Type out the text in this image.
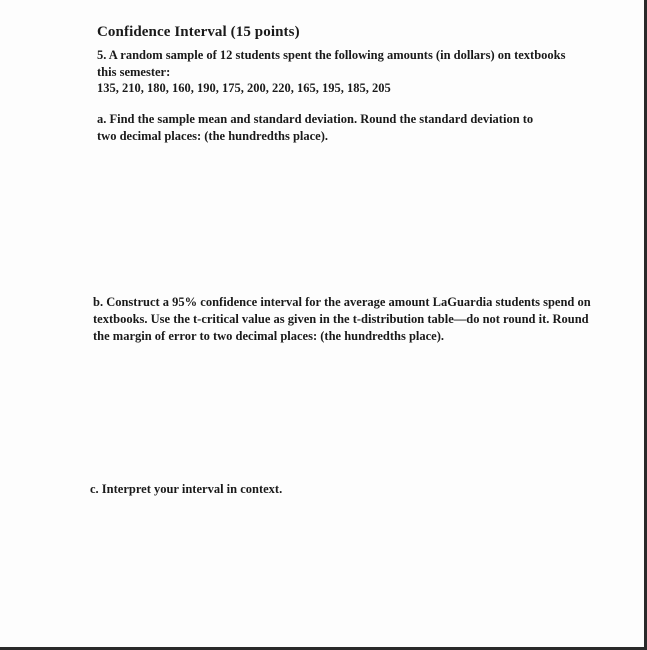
Confidence Interval (15 points)

5. A random sample of 12 students spent the following amounts (in dollars) on textbooks this semester:

135, 210, 180, 160, 190, 175, 200, 220, 165, 195, 185, 205

a. Find the sample mean and standard deviation. Round the standard deviation to two decimal places: (the hundredths place).

b. Construct a 95% confidence interval for the average amount LaGuardia students spend on textbooks. Use the t-critical value as given in the t-distribution table—do not round it. Round the margin of error to two decimal places: (the hundredths place).

c. Interpret your interval in context.
